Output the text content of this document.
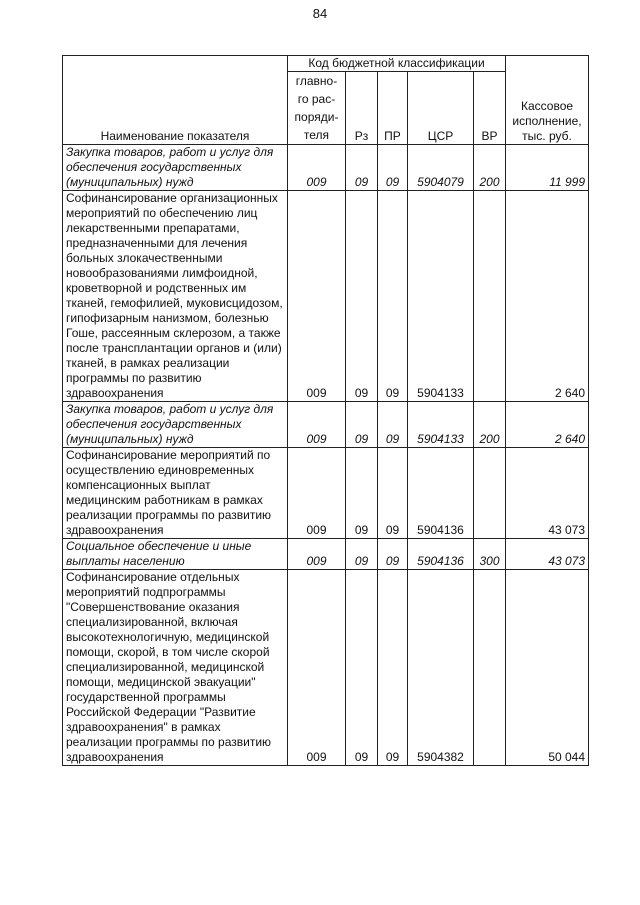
84
Наименование показателя	Код бюджетной классификации					Кассовое
исполнение,
тыс. руб.

	главно-
го рас-
поряди-
теля	Рз	ПР	ЦСР	ВР	
Закупка товаров, работ и услуг для обеспечения государственных (муниципальных) нужд	009	09	09	5904079	200	11 999
Софинансирование организационных мероприятий по обеспечению лиц лекарственными препаратами, предназначенными для лечения больных злокачественными новообразованиями лимфоидной, кроветворной и родственных им тканей, гемофилией, муковисцидозом, гипофизарным нанизмом, болезнью Гоше, рассеянным склерозом, а также после трансплантации органов и (или) тканей, в рамках реализации программы по развитию здравоохранения	009	09	09	5904133		2 640
Закупка товаров, работ и услуг для обеспечения государственных (муниципальных) нужд	009	09	09	5904133	200	2 640
Софинансирование мероприятий по осуществлению единовременных компенсационных выплат медицинским работникам в рамках реализации программы по развитию здравоохранения	009	09	09	5904136		43 073
Социальное обеспечение и иные выплаты населению	009	09	09	5904136	300	43 073
Софинансирование отдельных мероприятий подпрограммы "Совершенствование оказания специализированной, включая высокотехнологичную, медицинской помощи, скорой, в том числе скорой специализированной, медицинской помощи, медицинской эвакуации" государственной программы Российской Федерации "Развитие здравоохранения" в рамках реализации программы по развитию здравоохранения	009	09	09	5904382		50 044
